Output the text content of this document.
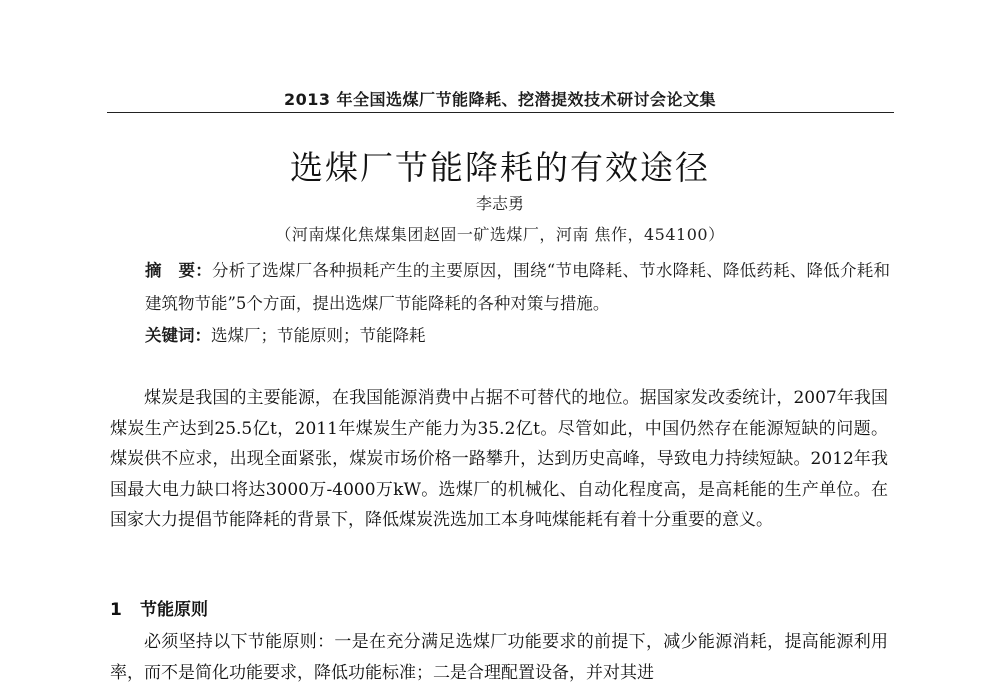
2013 年全国选煤厂节能降耗、挖潜提效技术研讨会论文集
选煤厂节能降耗的有效途径
李志勇
（河南煤化焦煤集团赵固一矿选煤厂，河南 焦作，454100）
摘　要：分析了选煤厂各种损耗产生的主要原因，围绕“节电降耗、节水降耗、降低药耗、降低介耗和建筑物节能”5个方面，提出选煤厂节能降耗的各种对策与措施。
关键词：选煤厂；节能原则；节能降耗

煤炭是我国的主要能源，在我国能源消费中占据不可替代的地位。据国家发改委统计，2007年我国煤炭生产达到25.5亿t，2011年煤炭生产能力为35.2亿t。尽管如此，中国仍然存在能源短缺的问题。煤炭供不应求，出现全面紧张，煤炭市场价格一路攀升，达到历史高峰，导致电力持续短缺。2012年我国最大电力缺口将达3000万-4000万kW。选煤厂的机械化、自动化程度高，是高耗能的生产单位。在国家大力提倡节能降耗的背景下，降低煤炭洗选加工本身吨煤能耗有着十分重要的意义。

1 节能原则

必须坚持以下节能原则：一是在充分满足选煤厂功能要求的前提下，减少能源消耗，提高能源利用率，而不是简化功能要求，降低功能标准；二是合理配置设备，并对其进
